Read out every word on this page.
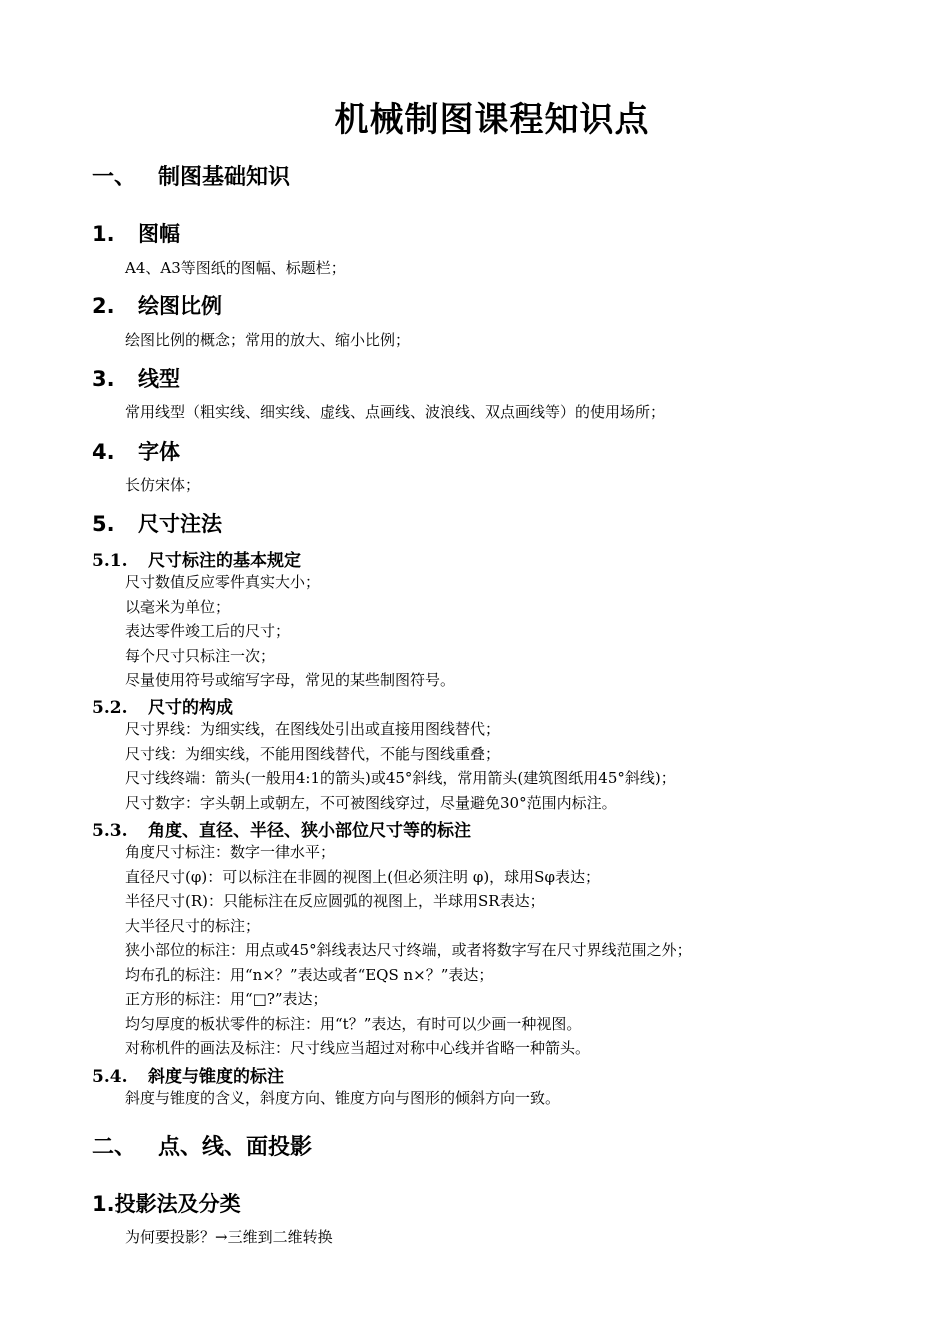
机械制图课程知识点
一、 制图基础知识
1. 图幅
A4、A3等图纸的图幅、标题栏；
2. 绘图比例
绘图比例的概念；常用的放大、缩小比例；
3. 线型
常用线型（粗实线、细实线、虚线、点画线、波浪线、双点画线等）的使用场所；
4. 字体
长仿宋体；
5. 尺寸注法
5.1. 尺寸标注的基本规定
尺寸数值反应零件真实大小；
以毫米为单位；
表达零件竣工后的尺寸；
每个尺寸只标注一次；
尽量使用符号或缩写字母，常见的某些制图符号。
5.2. 尺寸的构成
尺寸界线：为细实线，在图线处引出或直接用图线替代；
尺寸线：为细实线，不能用图线替代，不能与图线重叠；
尺寸线终端：箭头(一般用4:1的箭头)或45°斜线，常用箭头(建筑图纸用45°斜线)；
尺寸数字：字头朝上或朝左，不可被图线穿过，尽量避免30°范围内标注。
5.3. 角度、直径、半径、狭小部位尺寸等的标注
角度尺寸标注：数字一律水平；
直径尺寸(φ)：可以标注在非圆的视图上(但必须注明 φ)，球用Sφ表达；
半径尺寸(R)：只能标注在反应圆弧的视图上，半球用SR表达；
大半径尺寸的标注；
狭小部位的标注：用点或45°斜线表达尺寸终端，或者将数字写在尺寸界线范围之外；
均布孔的标注：用“n×？”表达或者“EQS n×？”表达；
正方形的标注：用“□?”表达；
均匀厚度的板状零件的标注：用“t？”表达，有时可以少画一种视图。
对称机件的画法及标注：尺寸线应当超过对称中心线并省略一种箭头。
5.4. 斜度与锥度的标注
斜度与锥度的含义，斜度方向、锥度方向与图形的倾斜方向一致。
二、 点、线、面投影
1.投影法及分类
为何要投影？→三维到二维转换
